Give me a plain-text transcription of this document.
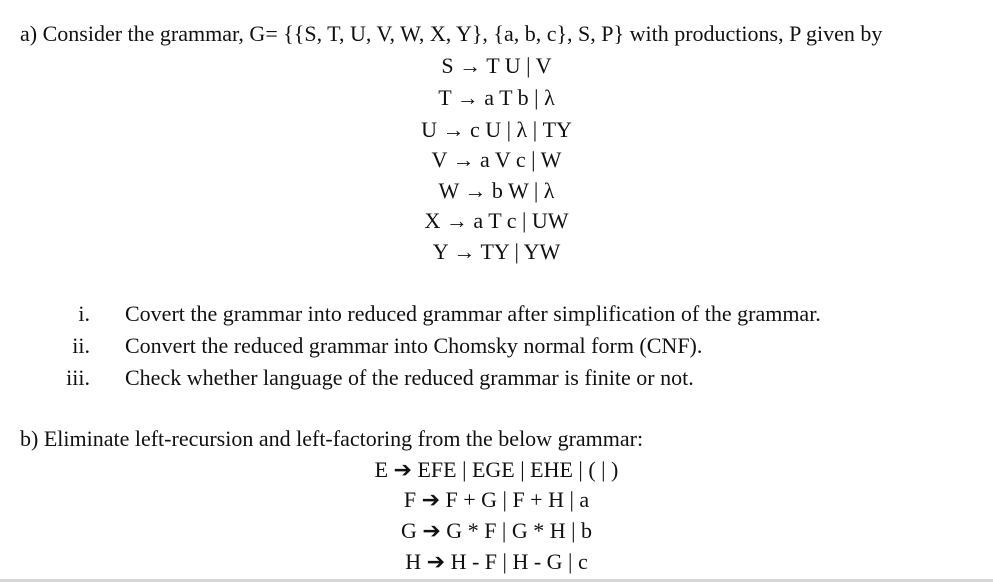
a) Consider the grammar, G= {{S, T, U, V, W, X, Y}, {a, b, c}, S, P} with productions, P given by
S → T U | V
T → a T b | λ
U → c U | λ | TY
V → a V c | W
W → b W | λ
X → a T c | UW
Y → TY | YW
i. Covert the grammar into reduced grammar after simplification of the grammar.
ii. Convert the reduced grammar into Chomsky normal form (CNF).
iii. Check whether language of the reduced grammar is finite or not.
b) Eliminate left-recursion and left-factoring from the below grammar:
E ➔ EFE | EGE | EHE | ( | )
F ➔ F + G | F + H | a
G ➔ G * F | G * H | b
H ➔ H - F | H - G | c
